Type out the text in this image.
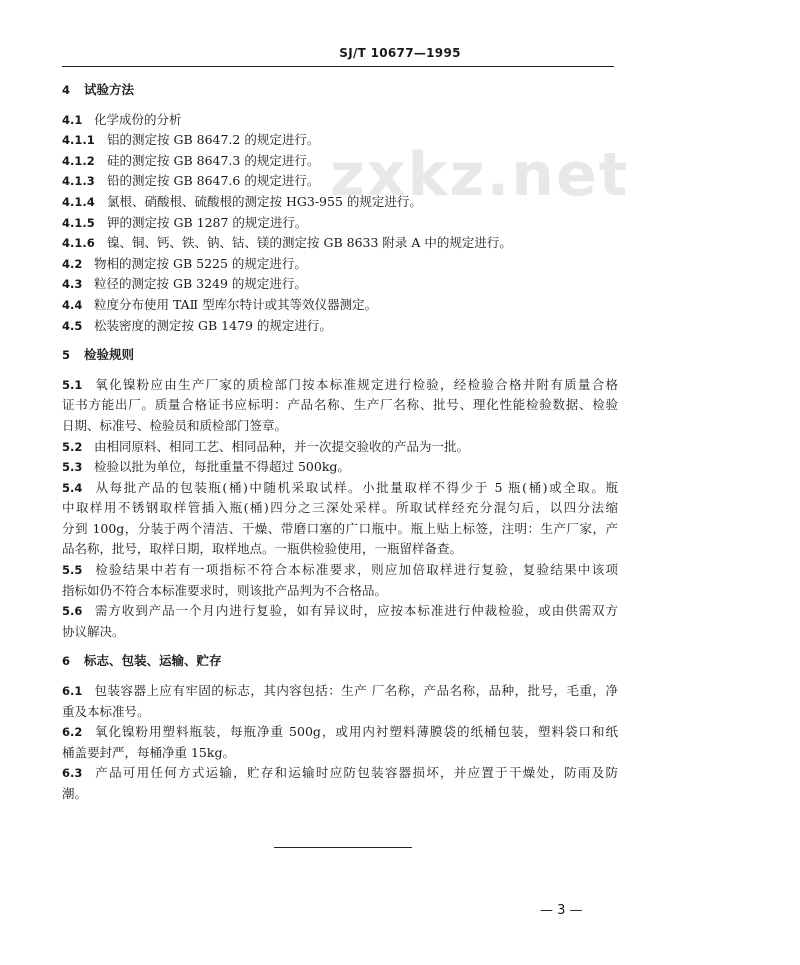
SJ/T 10677—1995
zxkz.net
4 试验方法
4.1 化学成份的分析
4.1.1 铝的测定按 GB 8647.2 的规定进行。
4.1.2 硅的测定按 GB 8647.3 的规定进行。
4.1.3 铅的测定按 GB 8647.6 的规定进行。
4.1.4 氯根、硝酸根、硫酸根的测定按 HG3-955 的规定进行。
4.1.5 钾的测定按 GB 1287 的规定进行。
4.1.6 镍、铜、钙、铁、钠、钴、镁的测定按 GB 8633 附录 A 中的规定进行。
4.2 物相的测定按 GB 5225 的规定进行。
4.3 粒径的测定按 GB 3249 的规定进行。
4.4 粒度分布使用 TAⅡ 型库尔特计或其等效仪器测定。
4.5 松装密度的测定按 GB 1479 的规定进行。
5 检验规则
5.1 氧化镍粉应由生产厂家的质检部门按本标准规定进行检验，经检验合格并附有质量合格
证书方能出厂。质量合格证书应标明：产品名称、生产厂名称、批号、理化性能检验数据、检验
日期、标准号、检验员和质检部门签章。
5.2 由相同原料、相同工艺、相同品种，并一次提交验收的产品为一批。
5.3 检验以批为单位，每批重量不得超过 500kg。
5.4 从每批产品的包装瓶(桶)中随机采取试样。小批量取样不得少于 5 瓶(桶)或全取。瓶
中取样用不锈钢取样管插入瓶(桶)四分之三深处采样。所取试样经充分混匀后，以四分法缩
分到 100g，分装于两个清洁、干燥、带磨口塞的广口瓶中。瓶上贴上标签，注明：生产厂家，产
品名称，批号，取样日期，取样地点。一瓶供检验使用，一瓶留样备查。
5.5 检验结果中若有一项指标不符合本标准要求，则应加倍取样进行复验，复验结果中该项
指标如仍不符合本标准要求时，则该批产品判为不合格品。
5.6 需方收到产品一个月内进行复验，如有异议时，应按本标准进行仲裁检验，或由供需双方
协议解决。
6 标志、包装、运输、贮存
6.1 包装容器上应有牢固的标志，其内容包括：生产 厂名称，产品名称，品种，批号，毛重，净
重及本标准号。
6.2 氧化镍粉用塑料瓶装，每瓶净重 500g，或用内衬塑料薄膜袋的纸桶包装，塑料袋口和纸
桶盖要封严，每桶净重 15kg。
6.3 产品可用任何方式运输，贮存和运输时应防包装容器损坏，并应置于干燥处，防雨及防
潮。
— 3 —
